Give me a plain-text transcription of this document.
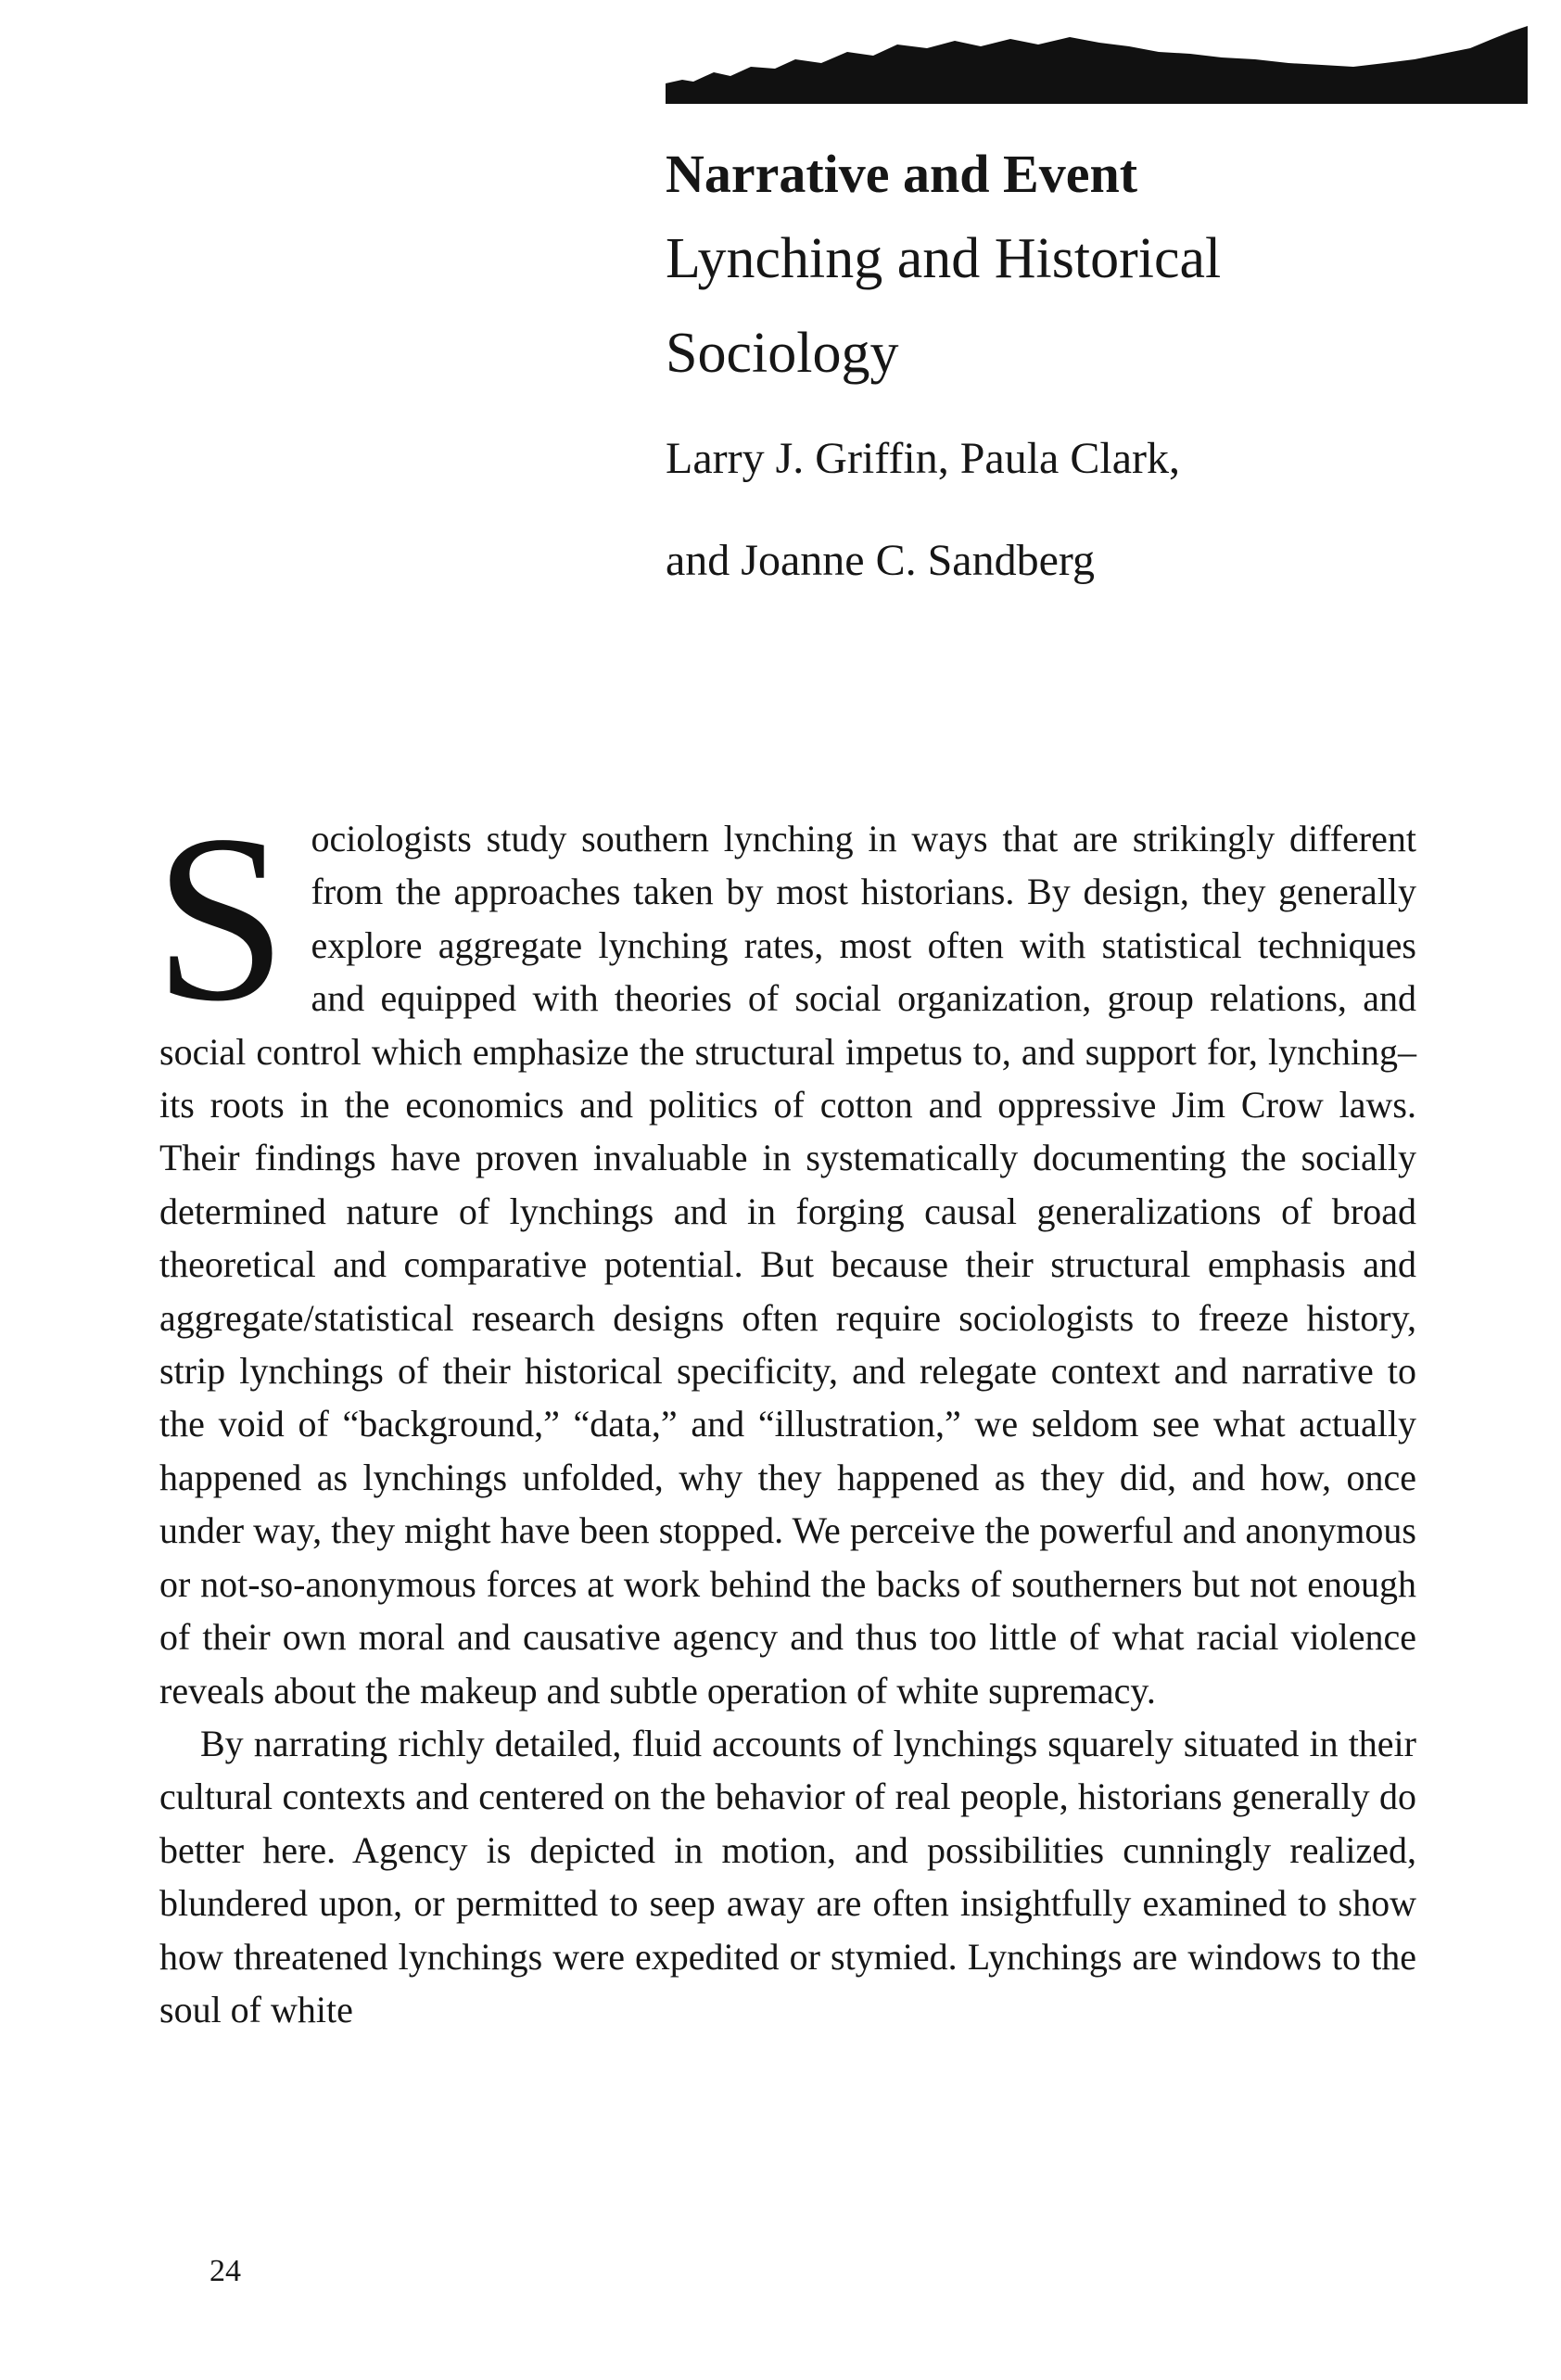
Narrative and Event
Lynching and Historical
Sociology
Larry J. Griffin, Paula Clark,
and Joanne C. Sandberg

Sociologists study southern lynching in ways that are strikingly different from the approaches taken by most historians. By design, they generally explore aggregate lynching rates, most often with statistical techniques and equipped with theories of social organization, group relations, and social control which emphasize the structural impetus to, and support for, lynching–its roots in the economics and politics of cotton and oppressive Jim Crow laws. Their findings have proven invaluable in systematically documenting the socially determined nature of lynchings and in forging causal generalizations of broad theoretical and comparative potential. But because their structural emphasis and aggregate/statistical research designs often require sociologists to freeze history, strip lynchings of their historical specificity, and relegate context and narrative to the void of “background,” “data,” and “illustration,” we seldom see what actually happened as lynchings unfolded, why they happened as they did, and how, once under way, they might have been stopped. We perceive the powerful and anonymous or not-so-anonymous forces at work behind the backs of southerners but not enough of their own moral and causative agency and thus too little of what racial violence reveals about the makeup and subtle operation of white supremacy.

By narrating richly detailed, fluid accounts of lynchings squarely situated in their cultural contexts and centered on the behavior of real people, historians generally do better here. Agency is depicted in motion, and possibilities cunningly realized, blundered upon, or permitted to seep away are often insightfully examined to show how threatened lynchings were expedited or stymied. Lynchings are windows to the soul of white

24
